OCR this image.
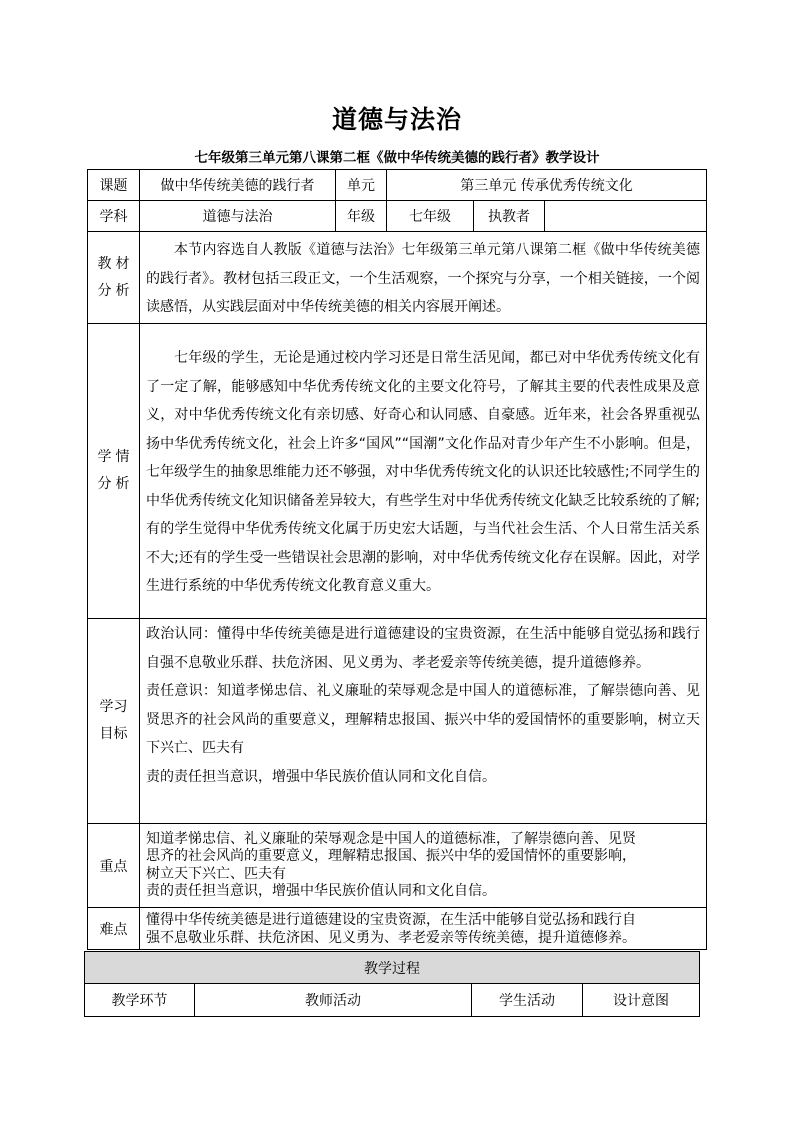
道德与法治
七年级第三单元第八课第二框《做中华传统美德的践行者》教学设计
课题	做中华传统美德的践行者	单元	第三单元 传承优秀传统文化		
学科	道德与法治	年级	七年级	执教者	

教材
分析	本节内容选自人教版《道德与法治》七年级第三单元第八课第二框《做中华传统美德的践行者》。教材包括三段正文，一个生活观察，一个探究与分享，一个相关链接，一个阅读感悟，从实践层面对中华传统美德的相关内容展开阐述。				

学情
分析	七年级的学生，无论是通过校内学习还是日常生活见闻，都已对中华优秀传统文化有了一定了解，能够感知中华优秀传统文化的主要文化符号，了解其主要的代表性成果及意义，对中华优秀传统文化有亲切感、好奇心和认同感、自豪感。近年来，社会各界重视弘扬中华优秀传统文化，社会上许多“国风”“国潮”文化作品对青少年产生不小影响。但是，七年级学生的抽象思维能力还不够强，对中华优秀传统文化的认识还比较感性;不同学生的中华优秀传统文化知识储备差异较大，有些学生对中华优秀传统文化缺乏比较系统的了解;有的学生觉得中华优秀传统文化属于历史宏大话题，与当代社会生活、个人日常生活关系不大;还有的学生受一些错误社会思潮的影响，对中华优秀传统文化存在误解。因此，对学生进行系统的中华优秀传统文化教育意义重大。				

学习
目标	政治认同：懂得中华传统美德是进行道德建设的宝贵资源，在生活中能够自觉弘扬和践行自强不息敬业乐群、扶危济困、见义勇为、孝老爱亲等传统美德，提升道德修养。
责任意识：知道孝悌忠信、礼义廉耻的荣辱观念是中国人的道德标准，了解崇德向善、见贤思齐的社会风尚的重要意义，理解精忠报国、振兴中华的爱国情怀的重要影响，树立天下兴亡、匹夫有
责的责任担当意识，增强中华民族价值认同和文化自信。				

重点	知道孝悌忠信、礼义廉耻的荣辱观念是中国人的道德标准，了解崇德向善、见贤
思齐的社会风尚的重要意义，理解精忠报国、振兴中华的爱国情怀的重要影响，
树立天下兴亡、匹夫有
责的责任担当意识，增强中华民族价值认同和文化自信。				

难点	懂得中华传统美德是进行道德建设的宝贵资源，在生活中能够自觉弘扬和践行自
强不息敬业乐群、扶危济困、见义勇为、孝老爱亲等传统美德，提升道德修养。				
教学过程
教学环节	教师活动	学生活动	设计意图
